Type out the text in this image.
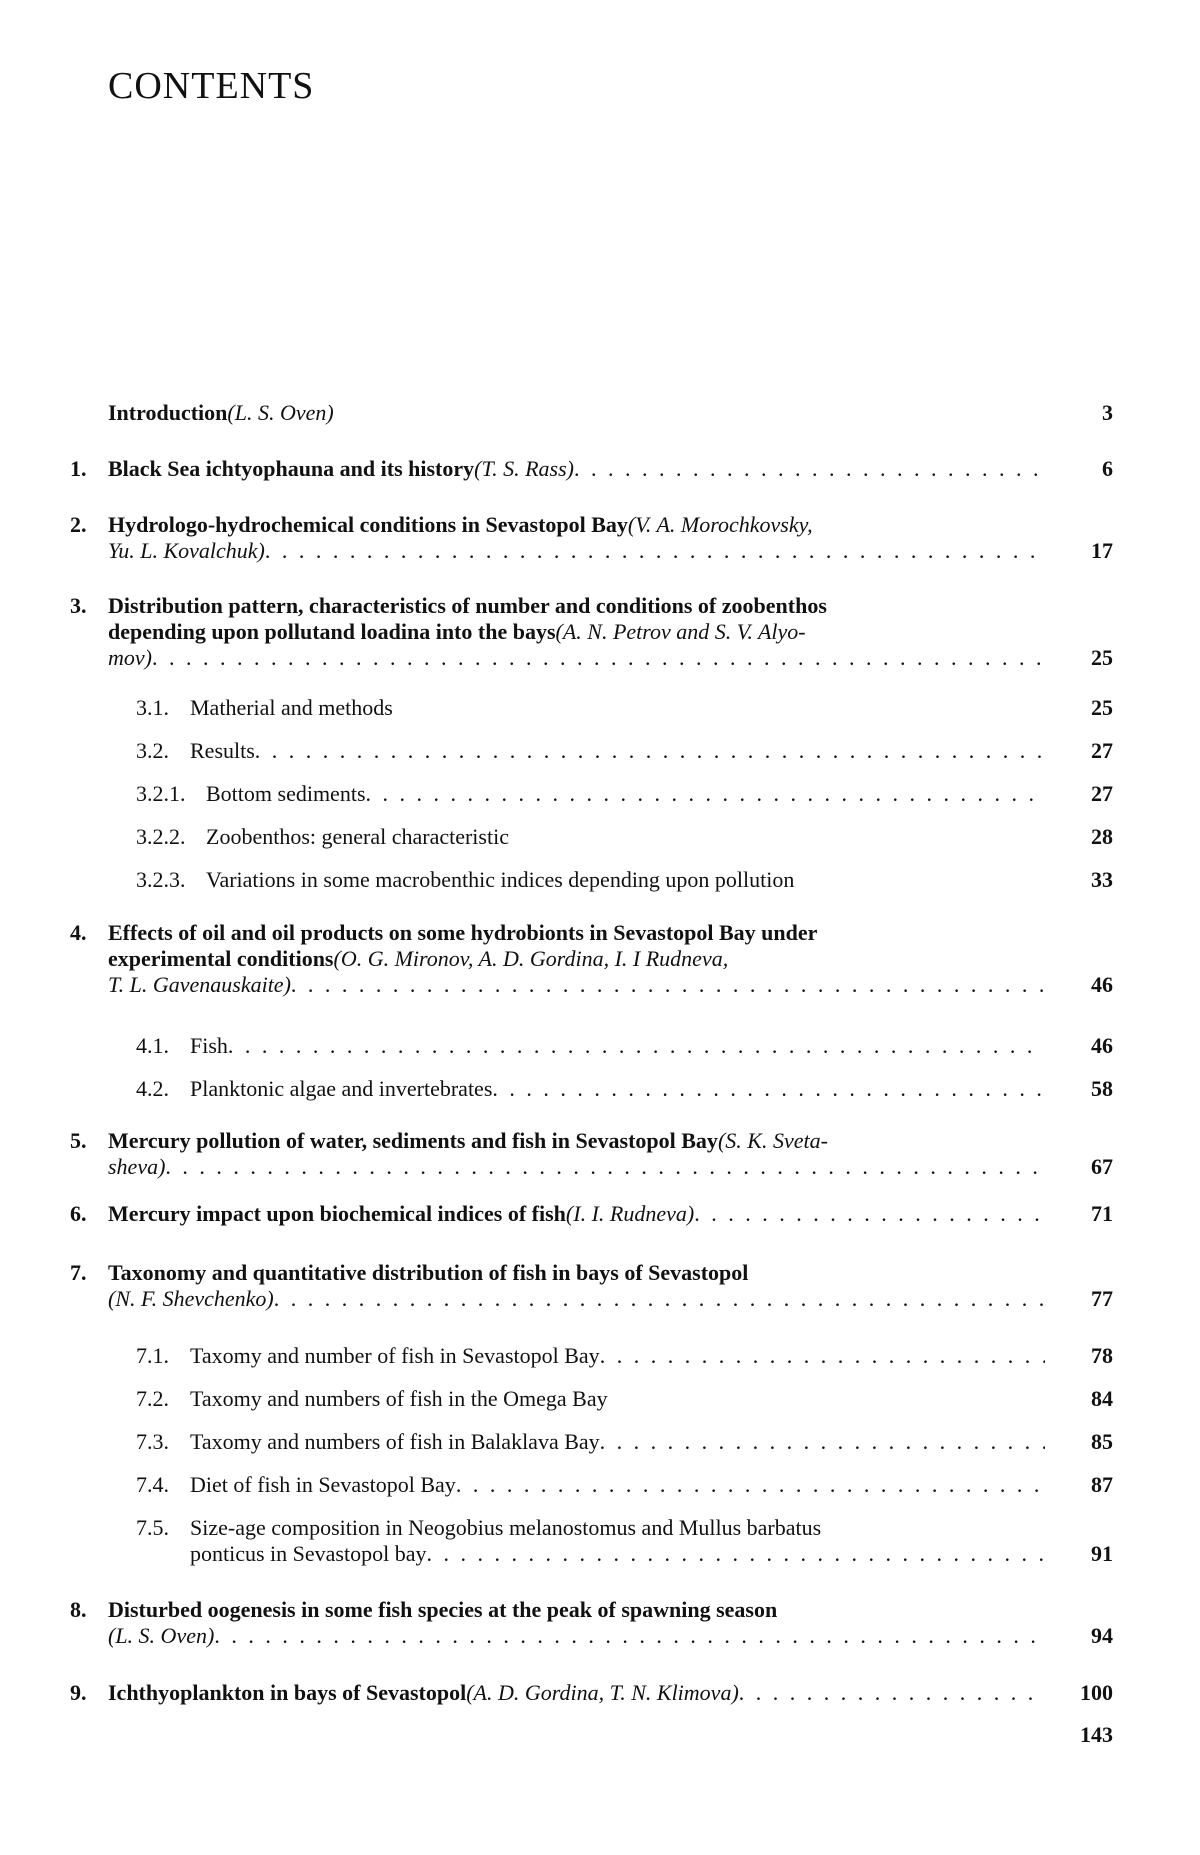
CONTENTS
Introduction (L. S. Oven)	3
1. Black Sea ichtyophauna and its history (T. S. Rass) . . .	6
2. Hydrologo-hydrochemical conditions in Sevastopol Bay (V. A. Morochkovsky,
Yu. L. Kovalchuk) . . .	17
3. Distribution pattern, characteristics of number and conditions of zoobenthos
depending upon pollutand loadina into the bays (A. N. Petrov and S. V. Alyo-
mov) . . .	25
3.1. Matherial and methods	25
3.2. Results . . .	27
3.2.1. Bottom sediments . . .	27
3.2.2. Zoobenthos: general characteristic	28
3.2.3. Variations in some macrobenthic indices depending upon pollution	33
4. Effects of oil and oil products on some hydrobionts in Sevastopol Bay under
experimental conditions (O. G. Mironov, A. D. Gordina, I. I Rudneva,
T. L. Gavenauskaite) . . .	46
4.1. Fish . . .	46
4.2. Planktonic algae and invertebrates . . .	58
5. Mercury pollution of water, sediments and fish in Sevastopol Bay (S. K. Sveta-
sheva) . . .	67
6. Mercury impact upon biochemical indices of fish (I. I. Rudneva) . . .	71
7. Taxonomy and quantitative distribution of fish in bays of Sevastopol
(N. F. Shevchenko) . . .	77
7.1. Taxomy and number of fish in Sevastopol Bay . . .	78
7.2. Taxomy and numbers of fish in the Omega Bay	84
7.3. Taxomy and numbers of fish in Balaklava Bay . . .	85
7.4. Diet of fish in Sevastopol Bay . . .	87
7.5. Size-age composition in Neogobius melanostomus and Mullus barbatus
ponticus in Sevastopol bay . . .	91
8. Disturbed oogenesis in some fish species at the peak of spawning season
(L. S. Oven) . . .	94
9. Ichthyoplankton in bays of Sevastopol (A. D. Gordina, T. N. Klimova) . . .	100
143
